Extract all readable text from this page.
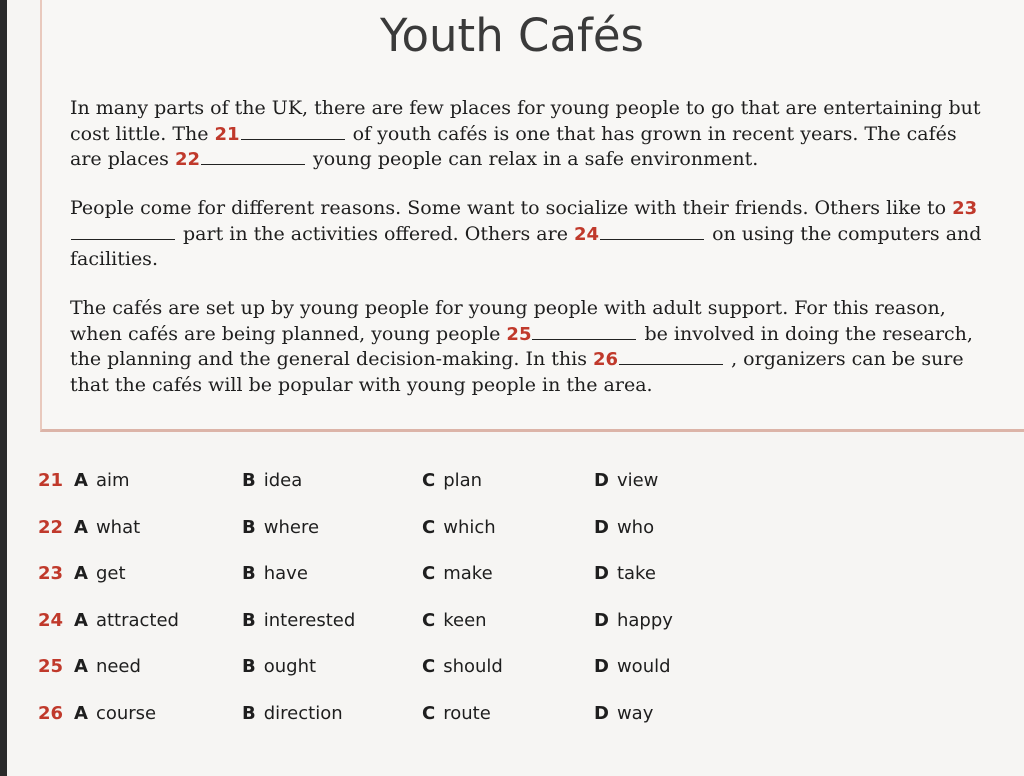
Youth Cafés
In many parts of the UK, there are few places for young people to go that are entertaining but cost little. The 21	of youth cafés is one that has grown in recent years. The cafés are places 22	young people can relax in a safe environment.
People come for different reasons. Some want to socialize with their friends. Others like to 23part in the activities offered. Others are 24	on using the computers and facilities.
The cafés are set up by young people for young people with adult support. For this reason, when cafés are being planned, young people 25	be involved in doing the research, the planning and the general decision-making. In this 26	, organizers can be sure that the cafés will be popular with young people in the area.
21 A aim	B idea	C plan	D view
22 A what	B where	C which	D who
23 A get	B have	C make	D take
24 A attracted	B interested	C keen	D happy
25 A need	B ought	C should	D would
26 A course	B direction	C route	D way
